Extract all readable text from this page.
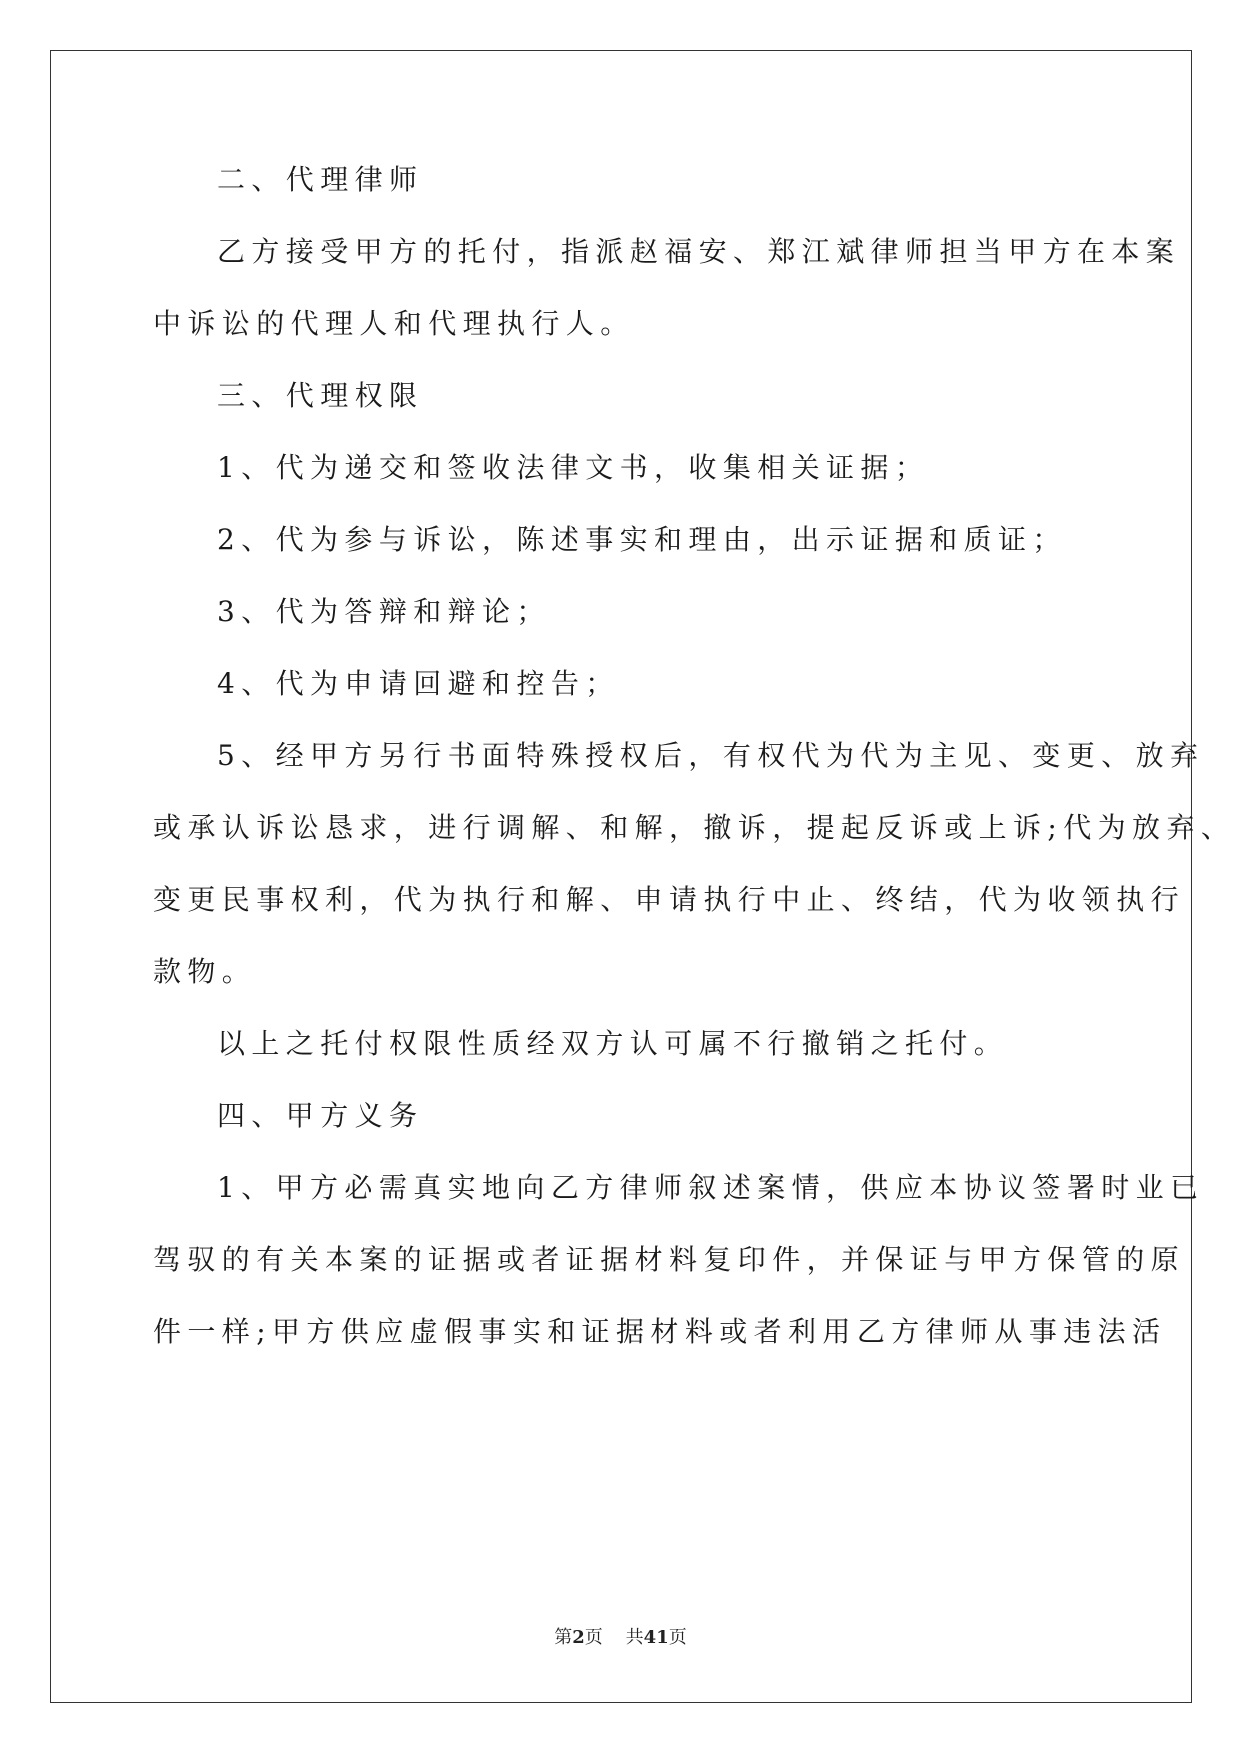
二、代理律师
乙方接受甲方的托付，指派赵福安、郑江斌律师担当甲方在本案
中诉讼的代理人和代理执行人。
三、代理权限
1、代为递交和签收法律文书，收集相关证据；
2、代为参与诉讼，陈述事实和理由，出示证据和质证；
3、代为答辩和辩论；
4、代为申请回避和控告；
5、经甲方另行书面特殊授权后，有权代为代为主见、变更、放弃
或承认诉讼恳求，进行调解、和解，撤诉，提起反诉或上诉;代为放弃、
变更民事权利，代为执行和解、申请执行中止、终结，代为收领执行
款物。
以上之托付权限性质经双方认可属不行撤销之托付。
四、甲方义务
1、甲方必需真实地向乙方律师叙述案情，供应本协议签署时业已
驾驭的有关本案的证据或者证据材料复印件，并保证与甲方保管的原
件一样;甲方供应虚假事实和证据材料或者利用乙方律师从事违法活
第2页 共41页
